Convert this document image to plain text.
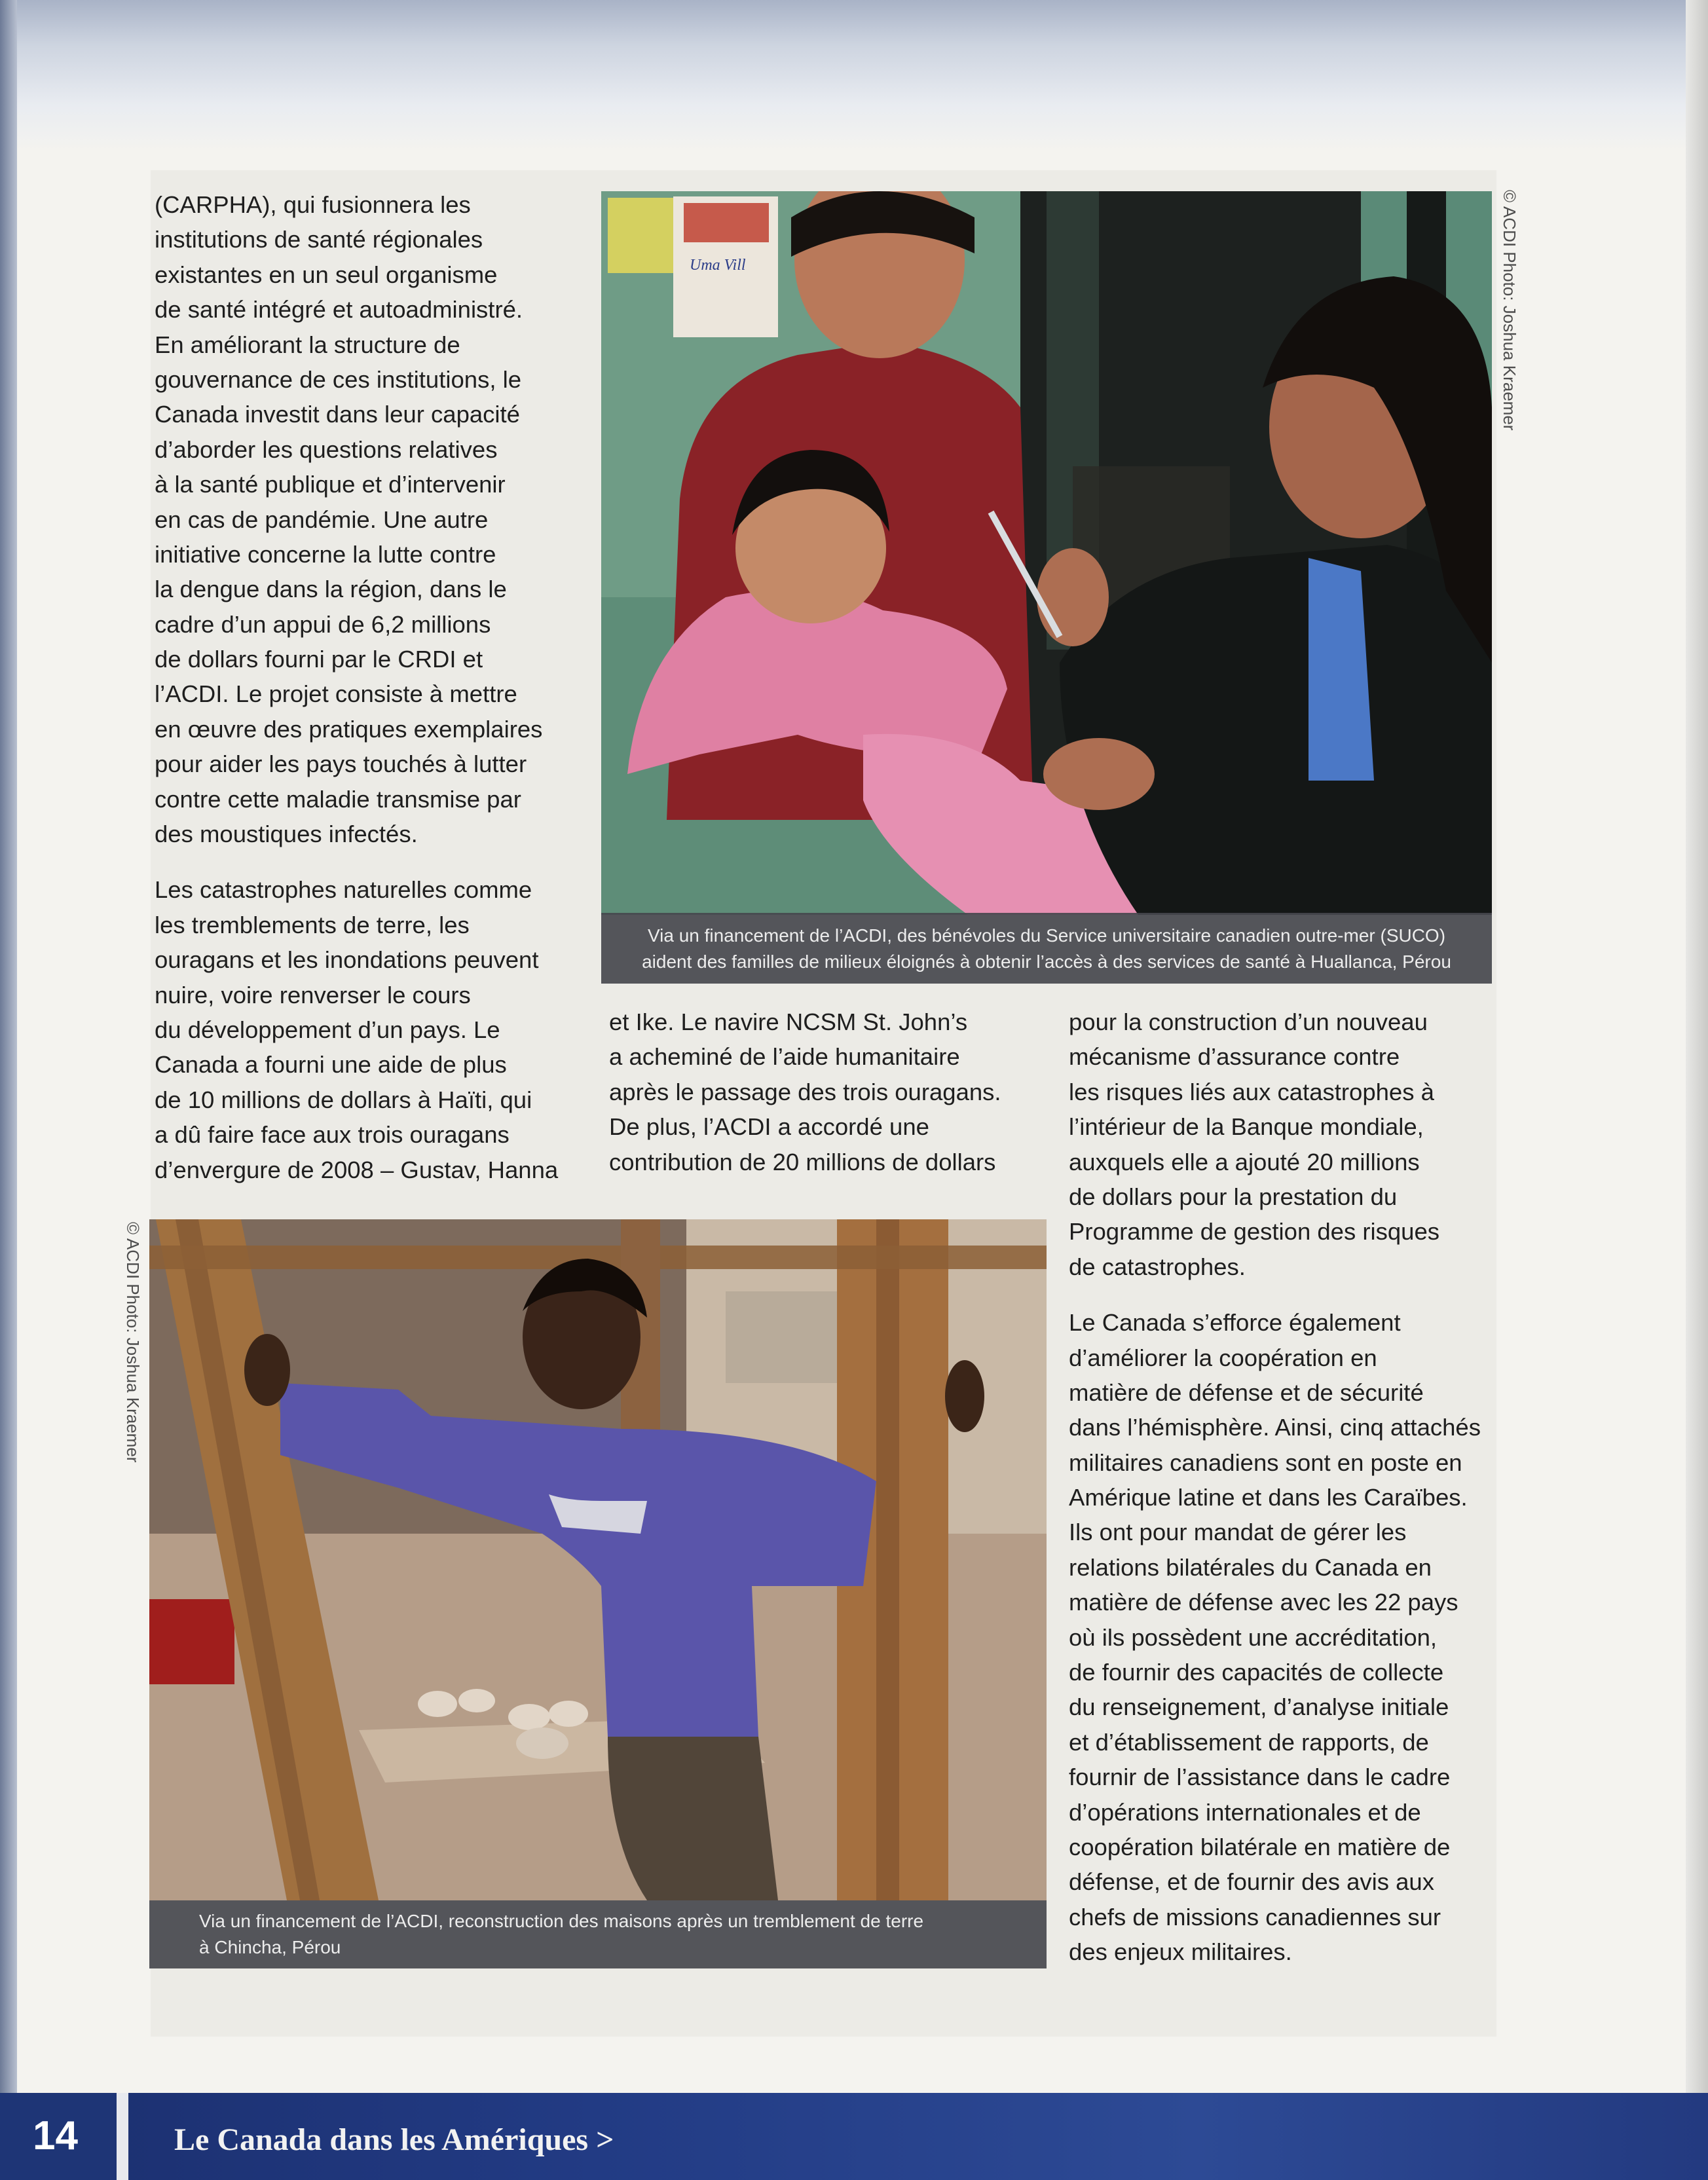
(CARPHA), qui fusionnera les
institutions de santé régionales
existantes en un seul organisme
de santé intégré et autoadministré.
En améliorant la structure de
gouvernance de ces institutions, le
Canada investit dans leur capacité
d’aborder les questions relatives
à la santé publique et d’intervenir
en cas de pandémie. Une autre
initiative concerne la lutte contre
la dengue dans la région, dans le
cadre d’un appui de 6,2 millions
de dollars fourni par le CRDI et
l’ACDI. Le projet consiste à mettre
en œuvre des pratiques exemplaires
pour aider les pays touchés à lutter
contre cette maladie transmise par
des moustiques infectés.
Les catastrophes naturelles comme
les tremblements de terre, les
ouragans et les inondations peuvent
nuire, voire renverser le cours
du développement d’un pays. Le
Canada a fourni une aide de plus
de 10 millions de dollars à Haïti, qui
a dû faire face aux trois ouragans
d’envergure de 2008 – Gustav, Hanna
et Ike. Le navire NCSM St. John’s
a acheminé de l’aide humanitaire
après le passage des trois ouragans.
De plus, l’ACDI a accordé une
contribution de 20 millions de dollars
pour la construction d’un nouveau
mécanisme d’assurance contre
les risques liés aux catastrophes à
l’intérieur de la Banque mondiale,
auxquels elle a ajouté 20 millions
de dollars pour la prestation du
Programme de gestion des risques
de catastrophes.
Le Canada s’efforce également
d’améliorer la coopération en
matière de défense et de sécurité
dans l’hémisphère. Ainsi, cinq attachés
militaires canadiens sont en poste en
Amérique latine et dans les Caraïbes.
Ils ont pour mandat de gérer les
relations bilatérales du Canada en
matière de défense avec les 22 pays
où ils possèdent une accréditation,
de fournir des capacités de collecte
du renseignement, d’analyse initiale
et d’établissement de rapports, de
fournir de l’assistance dans le cadre
d’opérations internationales et de
coopération bilatérale en matière de
défense, et de fournir des avis aux
chefs de missions canadiennes sur
des enjeux militaires.
Uma Vill
Via un financement de l’ACDI, des bénévoles du Service universitaire canadien outre-mer (SUCO)
aident des familles de milieux éloignés à obtenir l’accès à des services de santé à Huallanca, Pérou
© ACDI Photo: Joshua Kraemer
Via un financement de l’ACDI, reconstruction des maisons après un tremblement de terre
à Chincha, Pérou
© ACDI Photo: Joshua Kraemer
14	Le Canada dans les Amériques >
